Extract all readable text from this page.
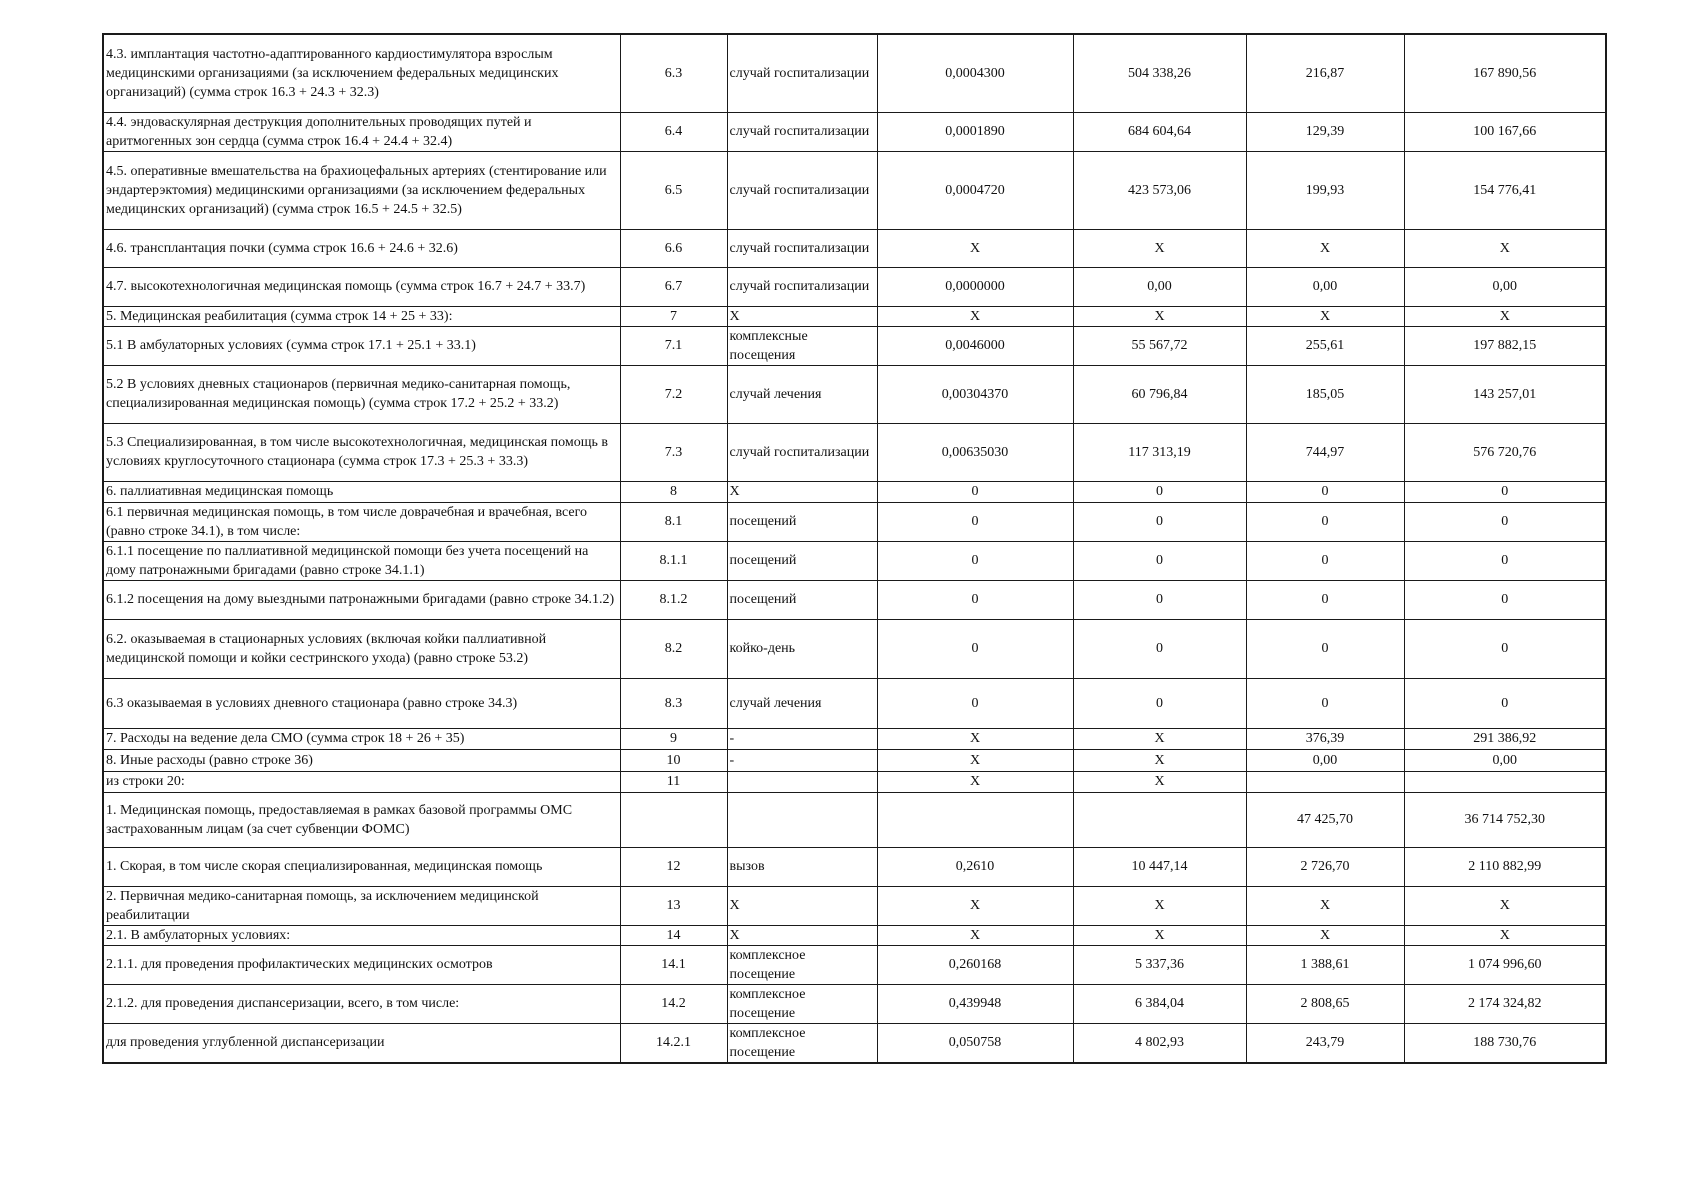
4.3. имплантация частотно-адаптированного кардиостимулятора взрослым медицинскими организациями (за исключением федеральных медицинских организаций) (сумма строк 16.3 + 24.3 + 32.3)	6.3	случай госпитализации	0,0004300	504 338,26	216,87	167 890,56
4.4. эндоваскулярная деструкция дополнительных проводящих путей и аритмогенных зон сердца (сумма строк 16.4 + 24.4 + 32.4)	6.4	случай госпитализации	0,0001890	684 604,64	129,39	100 167,66
4.5. оперативные вмешательства на брахиоцефальных артериях (стентирование или эндартерэктомия) медицинскими организациями (за исключением федеральных медицинских организаций) (сумма строк 16.5 + 24.5 + 32.5)	6.5	случай госпитализации	0,0004720	423 573,06	199,93	154 776,41
4.6. трансплантация почки (сумма строк 16.6 + 24.6 + 32.6)	6.6	случай госпитализации	X	X	X	X
4.7. высокотехнологичная медицинская помощь (сумма строк 16.7 + 24.7 + 33.7)	6.7	случай госпитализации	0,0000000	0,00	0,00	0,00
5. Медицинская реабилитация (сумма строк 14 + 25 + 33):	7	X	X	X	X	X
5.1 В амбулаторных условиях (сумма строк 17.1 + 25.1 + 33.1)	7.1	комплексные посещения	0,0046000	55 567,72	255,61	197 882,15
5.2 В условиях дневных стационаров (первичная медико-санитарная помощь, специализированная медицинская помощь) (сумма строк 17.2 + 25.2 + 33.2)	7.2	случай лечения	0,00304370	60 796,84	185,05	143 257,01
5.3 Специализированная, в том числе высокотехнологичная, медицинская помощь в условиях круглосуточного стационара (сумма строк 17.3 + 25.3 + 33.3)	7.3	случай госпитализации	0,00635030	117 313,19	744,97	576 720,76
6. паллиативная медицинская помощь	8	X	0	0	0	0
6.1 первичная медицинская помощь, в том числе доврачебная и врачебная, всего (равно строке 34.1), в том числе:	8.1	посещений	0	0	0	0
6.1.1 посещение по паллиативной медицинской помощи без учета посещений на дому патронажными бригадами (равно строке 34.1.1)	8.1.1	посещений	0	0	0	0
6.1.2 посещения на дому выездными патронажными бригадами (равно строке 34.1.2)	8.1.2	посещений	0	0	0	0
6.2. оказываемая в стационарных условиях (включая койки паллиативной медицинской помощи и койки сестринского ухода) (равно строке 53.2)	8.2	койко-день	0	0	0	0
6.3 оказываемая в условиях дневного стационара (равно строке 34.3)	8.3	случай лечения	0	0	0	0
7. Расходы на ведение дела СМО (сумма строк 18 + 26 + 35)	9	-	X	X	376,39	291 386,92
8. Иные расходы (равно строке 36)	10	-	X	X	0,00	0,00
из строки 20:	11		X	X		
1. Медицинская помощь, предоставляемая в рамках базовой программы ОМС застрахованным лицам (за счет субвенции ФОМС)					47 425,70	36 714 752,30
1. Скорая, в том числе скорая специализированная, медицинская помощь	12	вызов	0,2610	10 447,14	2 726,70	2 110 882,99
2. Первичная медико-санитарная помощь, за исключением медицинской реабилитации	13	X	X	X	X	X
2.1. В амбулаторных условиях:	14	X	X	X	X	X
2.1.1. для проведения профилактических медицинских осмотров	14.1	комплексное посещение	0,260168	5 337,36	1 388,61	1 074 996,60
2.1.2. для проведения диспансеризации, всего, в том числе:	14.2	комплексное посещение	0,439948	6 384,04	2 808,65	2 174 324,82
для проведения углубленной диспансеризации	14.2.1	комплексное посещение	0,050758	4 802,93	243,79	188 730,76
